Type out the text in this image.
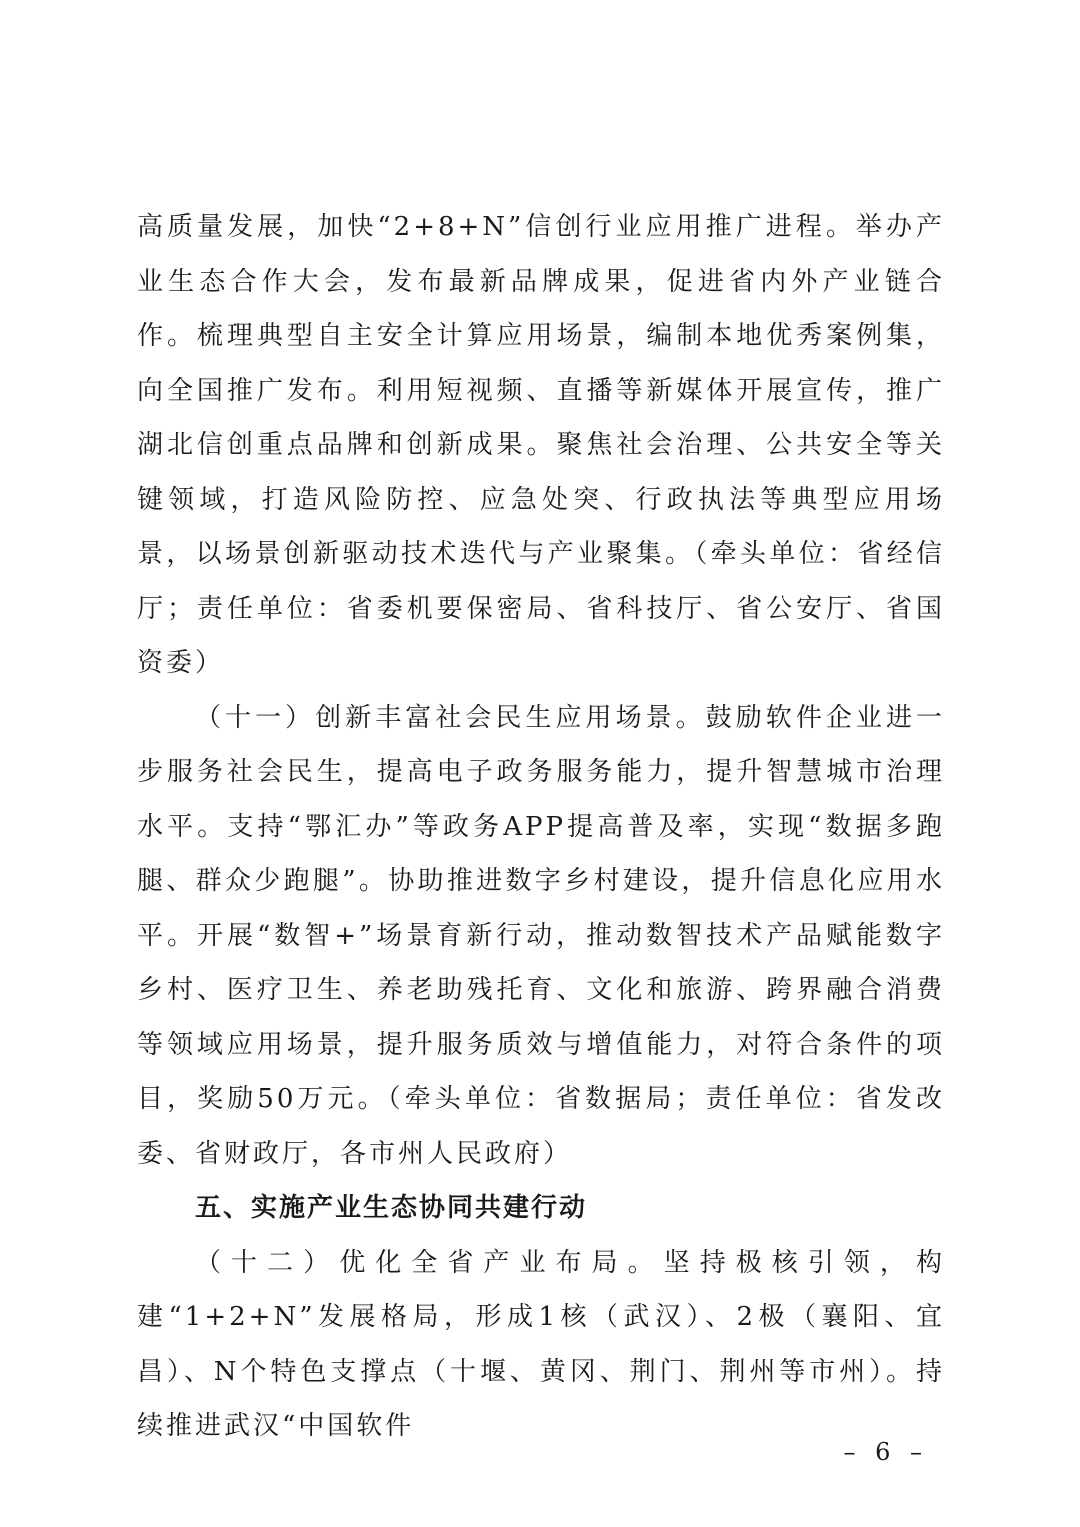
高质量发展，加快“2+8+N”信创行业应用推广进程。举办产业生态合作大会，发布最新品牌成果，促进省内外产业链合作。梳理典型自主安全计算应用场景，编制本地优秀案例集，向全国推广发布。利用短视频、直播等新媒体开展宣传，推广湖北信创重点品牌和创新成果。聚焦社会治理、公共安全等关键领域，打造风险防控、应急处突、行政执法等典型应用场景，以场景创新驱动技术迭代与产业聚集。（牵头单位：省经信厅；责任单位：省委机要保密局、省科技厅、省公安厅、省国资委）

（十一）创新丰富社会民生应用场景。鼓励软件企业进一步服务社会民生，提高电子政务服务能力，提升智慧城市治理水平。支持“鄂汇办”等政务APP提高普及率，实现“数据多跑腿、群众少跑腿”。协助推进数字乡村建设，提升信息化应用水平。开展“数智+”场景育新行动，推动数智技术产品赋能数字乡村、医疗卫生、养老助残托育、文化和旅游、跨界融合消费等领域应用场景，提升服务质效与增值能力，对符合条件的项目，奖励50万元。（牵头单位：省数据局；责任单位：省发改委、省财政厅，各市州人民政府）

五、实施产业生态协同共建行动

（十二）优化全省产业布局。坚持极核引领，构建“1+2+N”发展格局，形成1核（武汉）、2极（襄阳、宜昌）、N个特色支撑点（十堰、黄冈、荆门、荆州等市州）。持续推进武汉“中国软件

– 6 –
